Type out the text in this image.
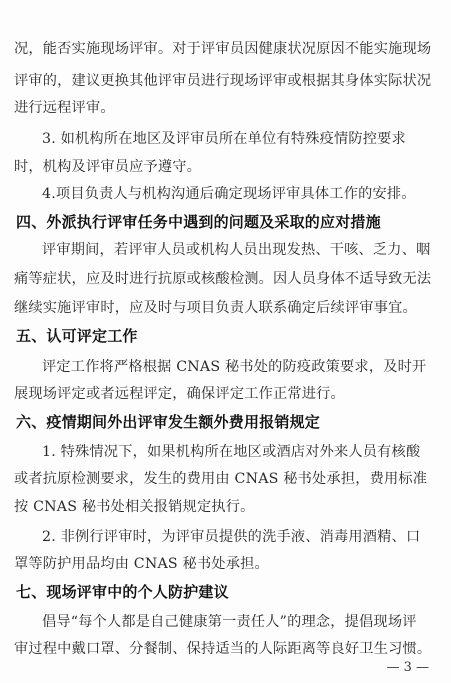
况，能否实施现场评审。对于评审员因健康状况原因不能实施现场
评审的，建议更换其他评审员进行现场评审或根据其身体实际状况
进行远程评审。
3. 如机构所在地区及评审员所在单位有特殊疫情防控要求
时，机构及评审员应予遵守。
4.项目负责人与机构沟通后确定现场评审具体工作的安排。
四、外派执行评审任务中遇到的问题及采取的应对措施
评审期间，若评审人员或机构人员出现发热、干咳、乏力、咽
痛等症状，应及时进行抗原或核酸检测。因人员身体不适导致无法
继续实施评审时，应及时与项目负责人联系确定后续评审事宜。
五、认可评定工作
评定工作将严格根据 CNAS 秘书处的防疫政策要求，及时开
展现场评定或者远程评定，确保评定工作正常进行。
六、疫情期间外出评审发生额外费用报销规定
1. 特殊情况下，如果机构所在地区或酒店对外来人员有核酸
或者抗原检测要求，发生的费用由 CNAS 秘书处承担，费用标准
按 CNAS 秘书处相关报销规定执行。
2. 非例行评审时，为评审员提供的洗手液、消毒用酒精、口
罩等防护用品均由 CNAS 秘书处承担。
七、现场评审中的个人防护建议
倡导“每个人都是自己健康第一责任人”的理念，提倡现场评
审过程中戴口罩、分餐制、保持适当的人际距离等良好卫生习惯。
— 3 —
